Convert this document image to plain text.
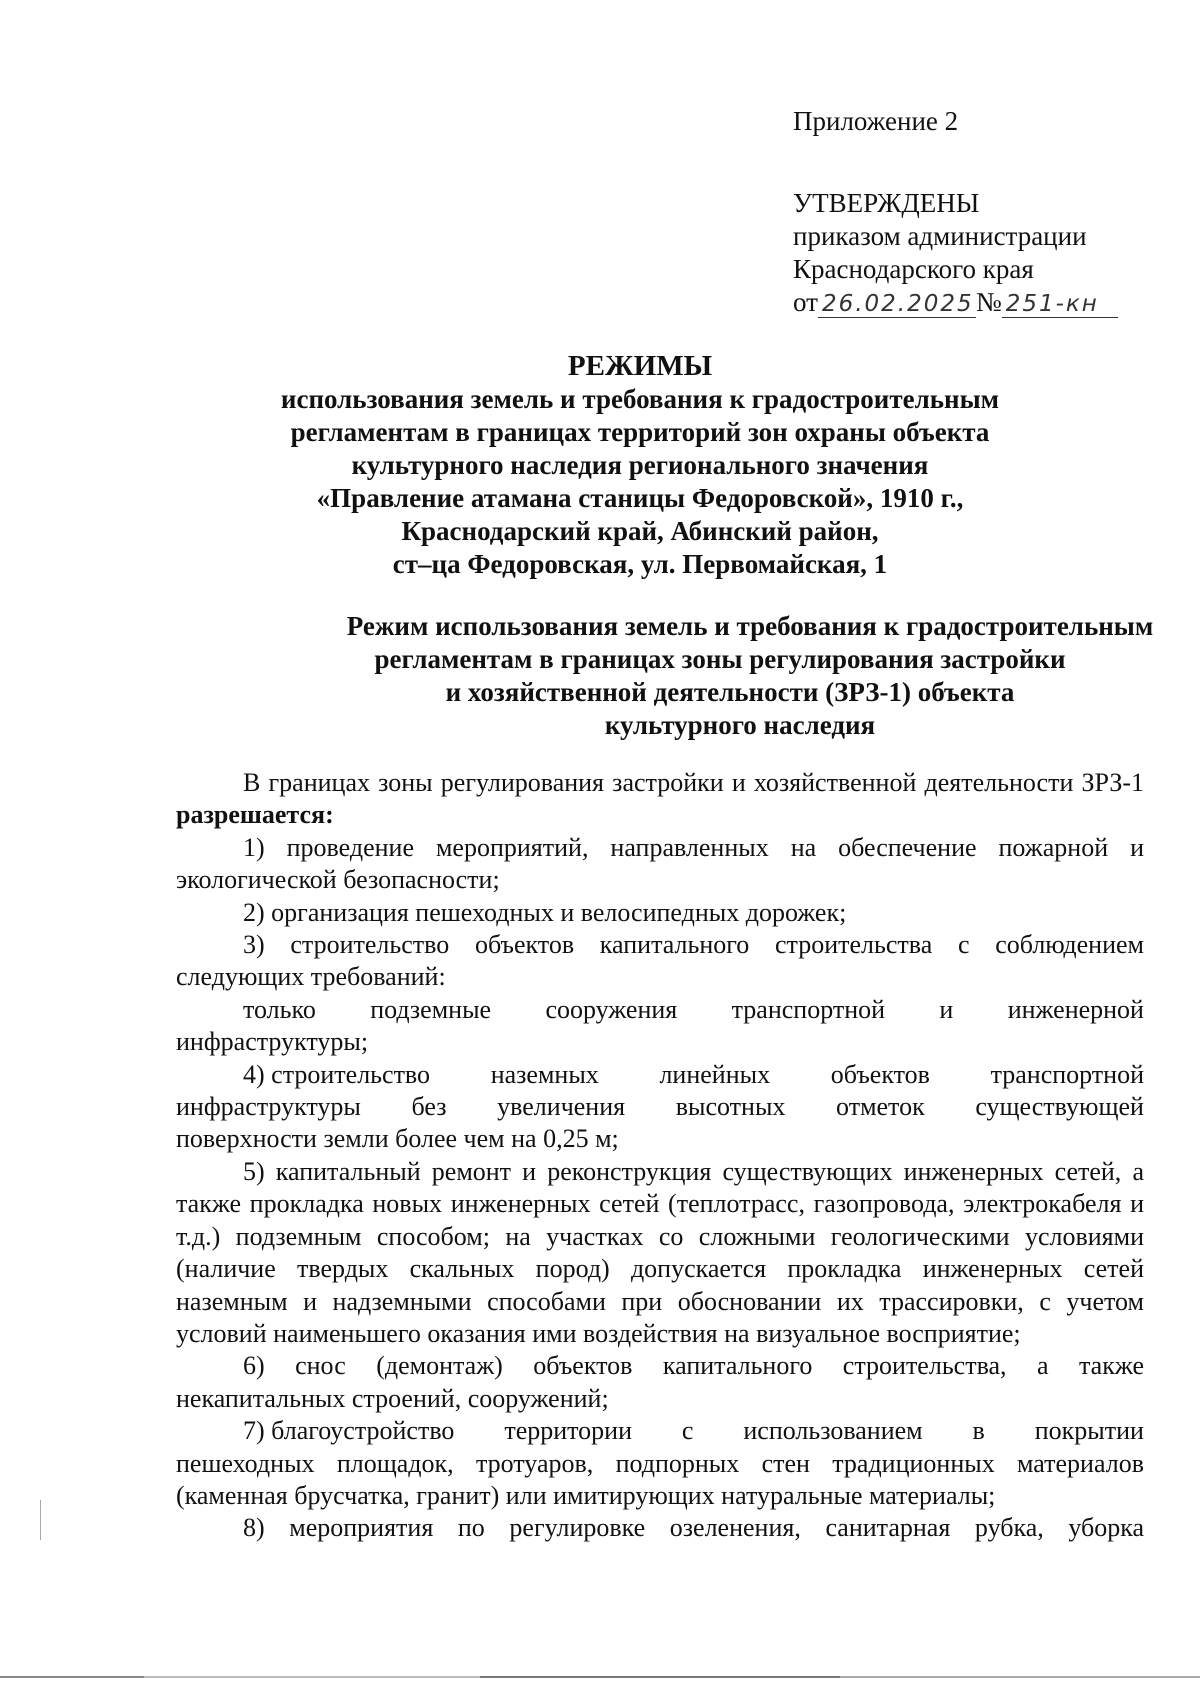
Приложение 2
УТВЕРЖДЕНЫ
приказом администрации
Краснодарского края
от 26.02.2025№ 251-кн
РЕЖИМЫ
использования земель и требования к градостроительным
регламентам в границах территорий зон охраны объекта
культурного наследия регионального значения
«Правление атамана станицы Федоровской», 1910 г.,
Краснодарский край, Абинский район,
ст–ца Федоровская, ул. Первомайская, 1
Режим использования земель и требования к градостроительным
регламентам в границах зоны регулирования застройки
и хозяйственной деятельности (ЗРЗ-1) объекта
культурного наследия

В границах зоны регулирования застройки и хозяйственной деятельности ЗРЗ-1 разрешается:

1) проведение мероприятий, направленных на обеспечение пожарной и экологической безопасности;

2) организация пешеходных и велосипедных дорожек;

3) строительство объектов капитального строительства с соблюдением следующих требований:

только подземные сооружения транспортной и инженерной
инфраструктуры;
4) строительство наземных линейных объектов транспортной
инфраструктуры без увеличения высотных отметок существующей
поверхности земли более чем на 0,25 м;

5) капитальный ремонт и реконструкция существующих инженерных сетей, а также прокладка новых инженерных сетей (теплотрасс, газопровода, электрокабеля и т.д.) подземным способом; на участках со сложными геологическими условиями (наличие твердых скальных пород) допускается прокладка инженерных сетей наземным и надземными способами при обосновании их трассировки, с учетом условий наименьшего оказания ими воздействия на визуальное восприятие;

6) снос (демонтаж) объектов капитального строительства, а также некапитальных строений, сооружений;

7) благоустройство территории с использованием в покрытии

пешеходных площадок, тротуаров, подпорных стен традиционных материалов (каменная брусчатка, гранит) или имитирующих натуральные материалы;

8) мероприятия по регулировке озеленения, санитарная рубка, уборка
